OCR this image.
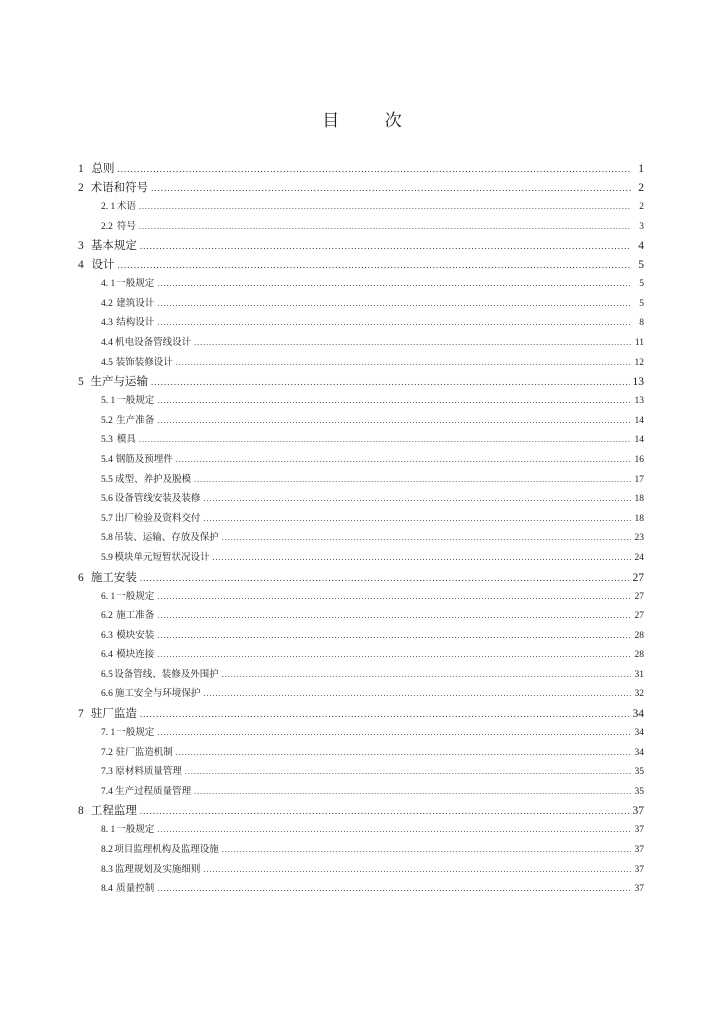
目 次
1 总则 .....	1
2 术语和符号 .....	2
2. 1 术语 .....	2
2.2 符号 .....	3
3 基本规定 .....	4
4 设计 .....	5
4. 1 一般规定 .....	5
4.2 建筑设计 .....	5
4.3 结构设计 .....	8
4.4 机电设备管线设计 .....	11
4.5 装饰装修设计 .....	12
5 生产与运输 .....	13
5. 1 一般规定 .....	13
5.2 生产准备 .....	14
5.3 模具 .....	14
5.4 钢筋及预埋件 .....	16
5.5 成型、养护及脱模 .....	17
5.6 设备管线安装及装修 .....	18
5.7 出厂检验及资料交付 .....	18
5.8 吊装、运输、存放及保护 .....	23
5.9 模块单元短暂状况设计 .....	24
6 施工安装 .....	27
6. 1 一般规定 .....	27
6.2 施工准备 .....	27
6.3 模块安装 .....	28
6.4 模块连接 .....	28
6.5 设备管线、装修及外围护 .....	31
6.6 施工安全与环境保护 .....	32
7 驻厂监造 .....	34
7. 1 一般规定 .....	34
7.2 驻厂监造机制 .....	34
7.3 原材料质量管理 .....	35
7.4 生产过程质量管理 .....	35
8 工程监理 .....	37
8. 1 一般规定 .....	37
8.2 项目监理机构及监理设施 .....	37
8.3 监理规划及实施细则 .....	37
8.4 质量控制 .....	37
